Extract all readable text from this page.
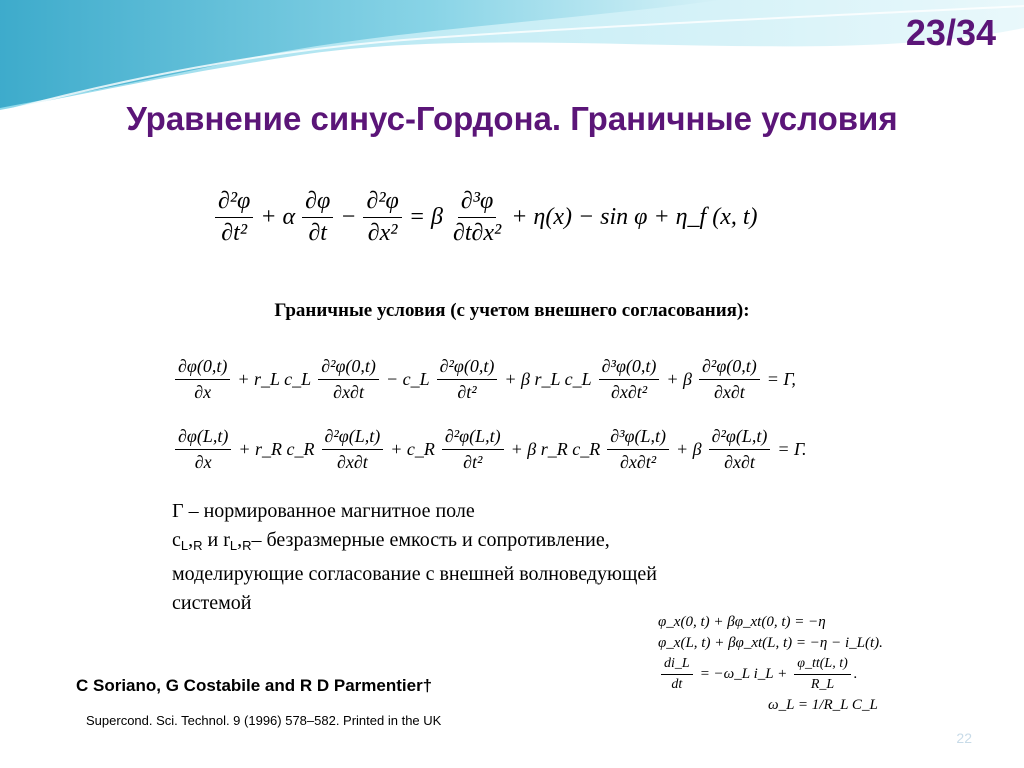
23/34
Уравнение синус-Гордона. Граничные условия
$\frac{\text{∂²φ}}{\text{∂t²}} + \alpha \frac{\partial\varphi}{\partial t} - \frac{\text{∂²φ}}{\text{∂x²}} = \beta \frac{\text{∂³φ}}{\text{∂t∂x²}} + \eta(x) - \sin \varphi$ + η_f (x, t)
Граничные условия (с учетом внешнего согласования):
$\frac{\partial\varphi(0,t)}{\partial x}$ + r_L c_L $\frac{\text{∂²φ(0,t)}}{\partial x\partial t}$ − c_L $\frac{\text{∂²φ(0,t)}}{\text{∂t²}} + \beta$ r_L c_L $\frac{\text{∂³φ(0,t)}}{\text{∂x∂t²}} + \beta \frac{\text{∂²φ(0,t)}}{\partial x\partial t} = \Gamma$,
$\frac{\partial\varphi(L,t)}{\partial x}$ + r_R c_R $\frac{\text{∂²φ(L,t)}}{\partial x\partial t}$ + c_R $\frac{\text{∂²φ(L,t)}}{\text{∂t²}} + \beta$ r_R c_R $\frac{\text{∂³φ(L,t)}}{\text{∂x∂t²}} + \beta \frac{\text{∂²φ(L,t)}}{\partial x\partial t} = \Gamma$.
Γ – нормированное магнитное поле
$c_L,_R$ и $r_L,_R-$ безразмерные емкость и сопротивление,
моделирующие согласование с внешней волноведующей
системой
φ_x(0, t) + βφ_xt(0, t) = −η
φ_x(L, t) + βφ_xt(L, t) = −η − i_L(t).
$\frac{di\_L}{dt}$ = −ω_L i_L + $\frac{\varphi\_tt(L, t)}{R\_L}$ .
ω_L = 1/R_L C_L
C Soriano, G Costabile and R D Parmentier†
Supercond. Sci. Technol. 9 (1996) 578–582. Printed in the UK
22
